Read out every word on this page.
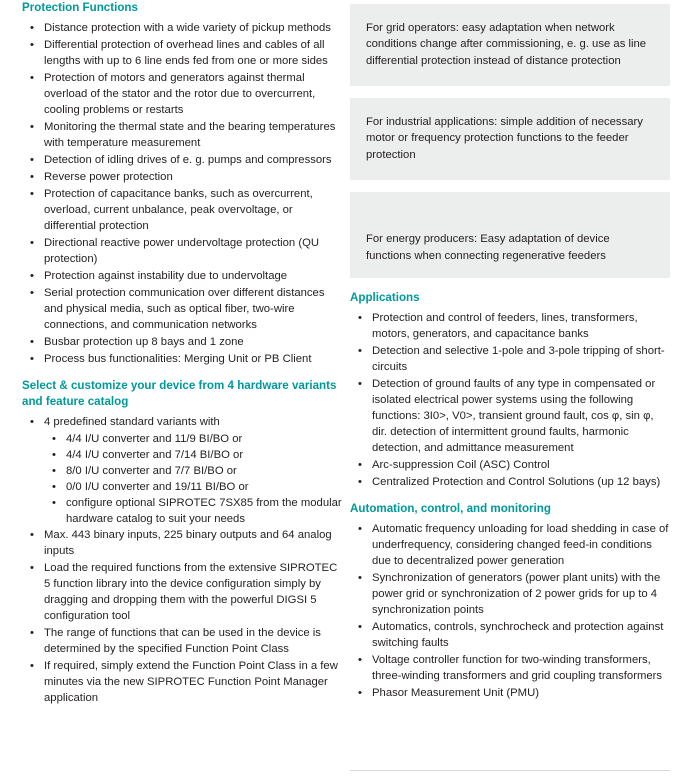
Protection Functions
• Distance protection with a wide variety of pickup methods
• Differential protection of overhead lines and cables of all lengths with up to 6 line ends fed from one or more sides
• Protection of motors and generators against thermal overload of the stator and the rotor due to overcurrent, cooling problems or restarts
• Monitoring the thermal state and the bearing temperatures with temperature measurement
• Detection of idling drives of e. g. pumps and compressors
• Reverse power protection
• Protection of capacitance banks, such as overcurrent, overload, current unbalance, peak overvoltage, or differential protection
• Directional reactive power undervoltage protection (QU protection)
• Protection against instability due to undervoltage
• Serial protection communication over different distances and physical media, such as optical fiber, two-wire connections, and communication networks
• Busbar protection up 8 bays and 1 zone
• Process bus functionalities: Merging Unit or PB Client
Select & customize your device from 4 hardware variants and feature catalog
• 4 predefined standard variants with
• 4/4 I/U converter and 11/9 BI/BO or
• 4/4 I/U converter and 7/14 BI/BO or
• 8/0 I/U converter and 7/7 BI/BO or
• 0/0 I/U converter and 19/11 BI/BO or
• configure optional SIPROTEC 7SX85 from the modular hardware catalog to suit your needs
• Max. 443 binary inputs, 225 binary outputs and 64 analog inputs
• Load the required functions from the extensive SIPROTEC 5 function library into the device configuration simply by dragging and dropping them with the powerful DIGSI 5 configuration tool
• The range of functions that can be used in the device is determined by the specified Function Point Class
• If required, simply extend the Function Point Class in a few minutes via the new SIPROTEC Function Point Manager application
For grid operators: easy adaptation when network conditions change after commissioning, e. g. use as line differential protection instead of distance protection
For industrial applications: simple addition of necessary motor or frequency protection functions to the feeder protection
For energy producers: Easy adaptation of device functions when connecting regenerative feeders
Applications
• Protection and control of feeders, lines, transformers, motors, generators, and capacitance banks
• Detection and selective 1-pole and 3-pole tripping of short-circuits
• Detection of ground faults of any type in compensated or isolated electrical power systems using the following functions: 3I0>, V0>, transient ground fault, cos φ, sin φ, dir. detection of intermittent ground faults, harmonic detection, and admittance measurement
• Arc-suppression Coil (ASC) Control
• Centralized Protection and Control Solutions (up 12 bays)
Automation, control, and monitoring
• Automatic frequency unloading for load shedding in case of underfrequency, considering changed feed-in conditions due to decentralized power generation
• Synchronization of generators (power plant units) with the power grid or synchronization of 2 power grids for up to 4 synchronization points
• Automatics, controls, synchrocheck and protection against switching faults
• Voltage controller function for two-winding transformers, three-winding transformers and grid coupling transformers
• Phasor Measurement Unit (PMU)
